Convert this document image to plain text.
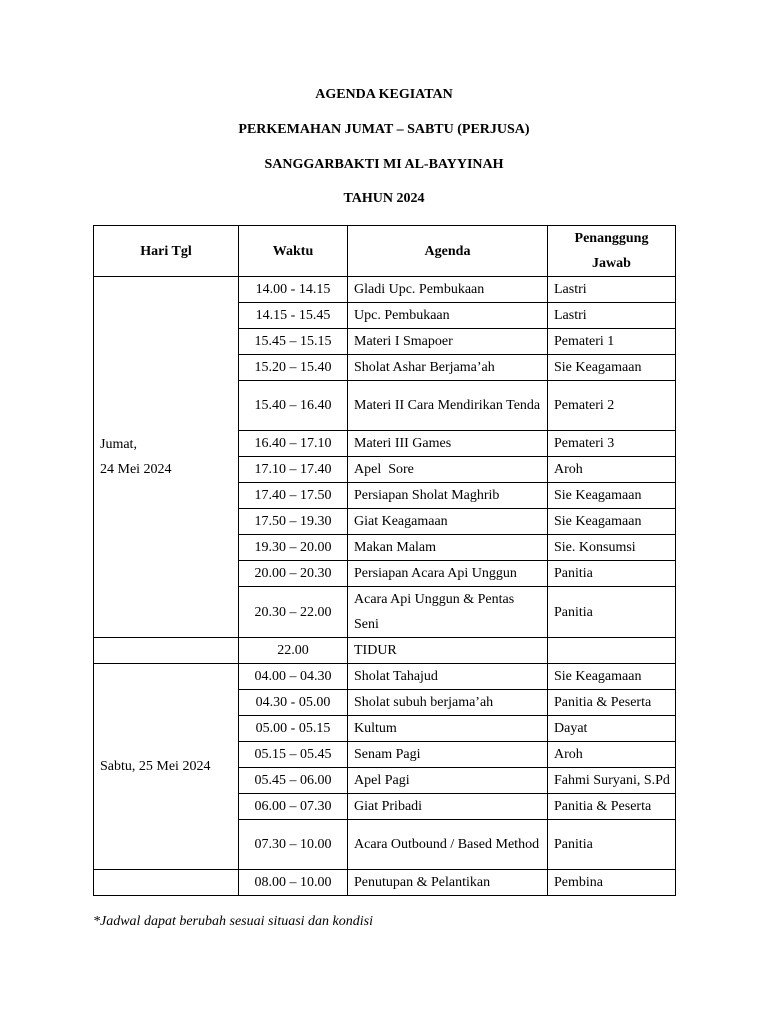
AGENDA KEGIATAN
PERKEMAHAN JUMAT – SABTU (PERJUSA)
SANGGARBAKTI MI AL-BAYYINAH
TAHUN 2024
Hari Tgl	Waktu	Agenda	Penanggung
Jawab
Jumat,
24 Mei 2024	14.00 - 14.15	Gladi Upc. Pembukaan	Lastri
	14.15 - 15.45	Upc. Pembukaan	Lastri
	15.45 – 15.15	Materi I Smapoer	Pemateri 1
	15.20 – 15.40	Sholat Ashar Berjama’ah	Sie Keagamaan
	15.40 – 16.40	Materi II Cara Mendirikan Tenda	Pemateri 2
	16.40 – 17.10	Materi III Games	Pemateri 3
	17.10 – 17.40	Apel  Sore	Aroh
	17.40 – 17.50	Persiapan Sholat Maghrib	Sie Keagamaan
	17.50 – 19.30	Giat Keagamaan	Sie Keagamaan
	19.30 – 20.00	Makan Malam	Sie. Konsumsi
	20.00 – 20.30	Persiapan Acara Api Unggun	Panitia
	20.30 – 22.00	Acara Api Unggun & Pentas Seni	Panitia
	22.00	TIDUR	
Sabtu, 25 Mei 2024	04.00 – 04.30	Sholat Tahajud	Sie Keagamaan
	04.30 - 05.00	Sholat subuh berjama’ah	Panitia & Peserta
	05.00 - 05.15	Kultum	Dayat
	05.15 – 05.45	Senam Pagi	Aroh
	05.45 – 06.00	Apel Pagi	Fahmi Suryani, S.Pd
	06.00 – 07.30	Giat Pribadi	Panitia & Peserta
	07.30 – 10.00	Acara Outbound / Based Method	Panitia
	08.00 – 10.00	Penutupan & Pelantikan	Pembina
*Jadwal dapat berubah sesuai situasi dan kondisi
